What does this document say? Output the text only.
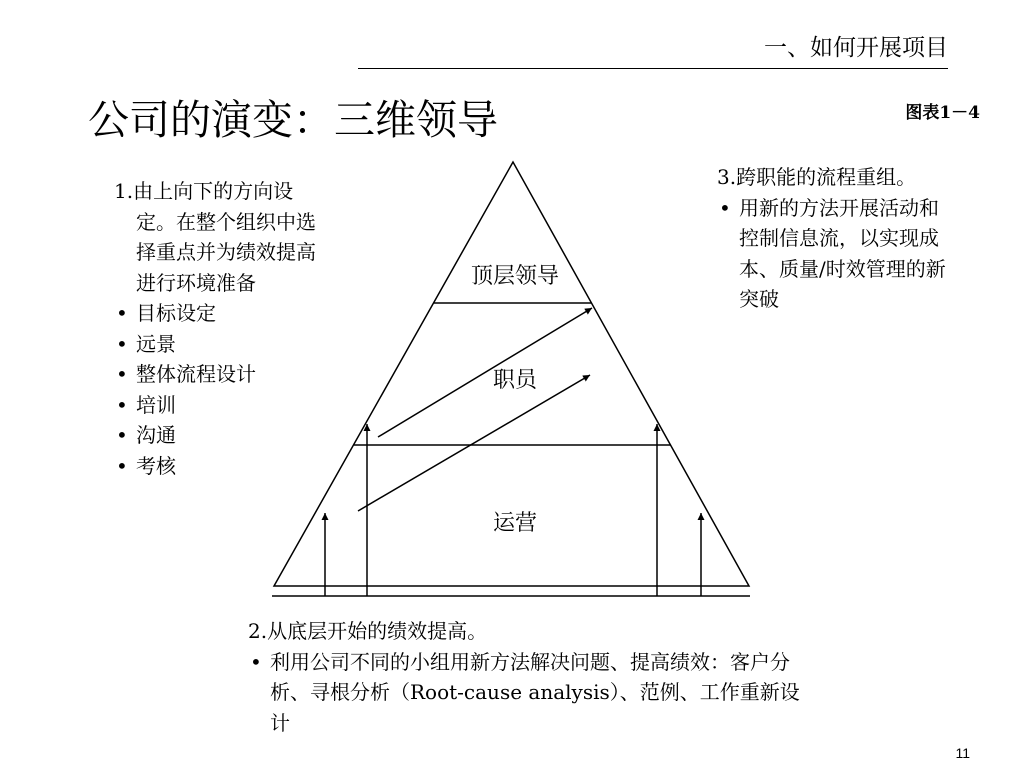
一、如何开展项目
公司的演变：三维领导	图表1－4
顶层领导
职员
运营
1.由上向下的方向设定。在整个组织中选择重点并为绩效提高进行环境准备
• 目标设定
• 远景
• 整体流程设计
• 培训
• 沟通
• 考核
3.跨职能的流程重组。
• 用新的方法开展活动和控制信息流，以实现成本、质量/时效管理的新突破
2.从底层开始的绩效提高。
• 利用公司不同的小组用新方法解决问题、提高绩效：客户分析、寻根分析（Root-cause analysis）、范例、工作重新设计
11
